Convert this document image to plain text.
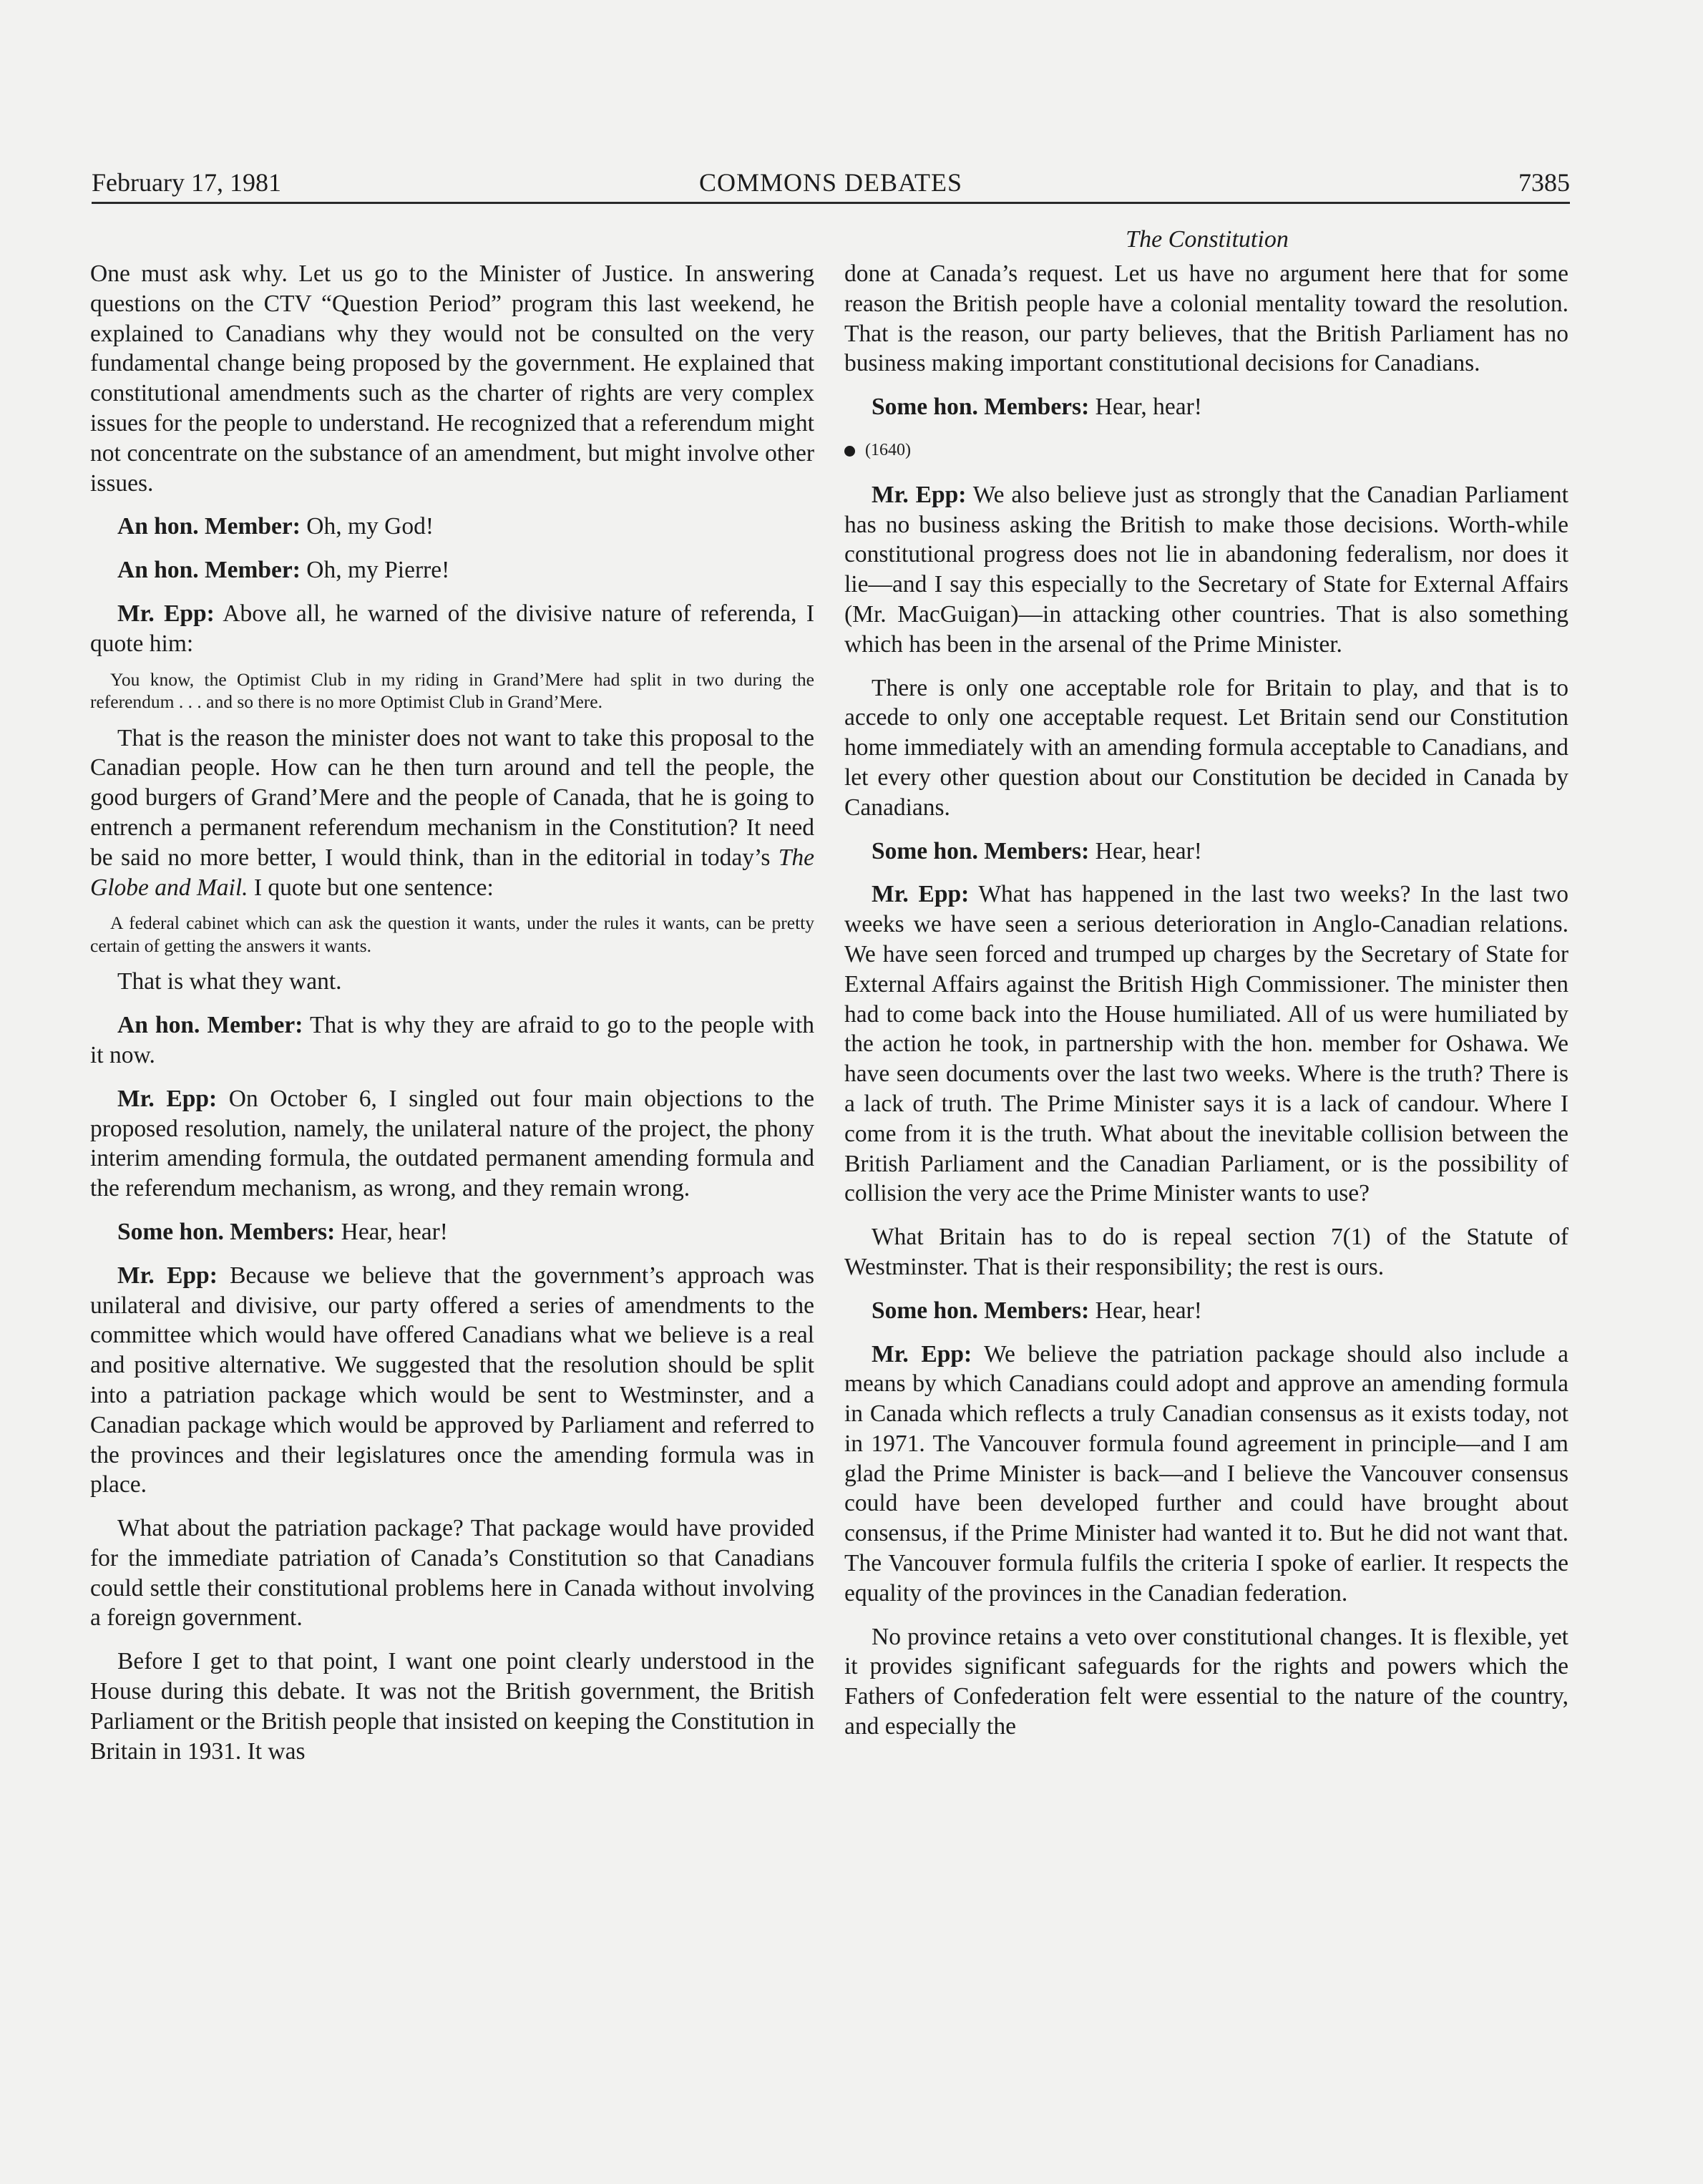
February 17, 1981	COMMONS DEBATES	7385
The Constitution

One must ask why. Let us go to the Minister of Justice. In answering questions on the CTV “Question Period” program this last weekend, he explained to Canadians why they would not be consulted on the very fundamental change being proposed by the government. He explained that constitutional amendments such as the charter of rights are very complex issues for the people to understand. He recognized that a referendum might not concentrate on the substance of an amendment, but might involve other issues.

An hon. Member: Oh, my God!

An hon. Member: Oh, my Pierre!

Mr. Epp: Above all, he warned of the divisive nature of referenda, I quote him:

You know, the Optimist Club in my riding in Grand’Mere had split in two during the referendum . . . and so there is no more Optimist Club in Grand’Mere.

That is the reason the minister does not want to take this proposal to the Canadian people. How can he then turn around and tell the people, the good burgers of Grand’Mere and the people of Canada, that he is going to entrench a permanent referendum mechanism in the Constitution? It need be said no more better, I would think, than in the editorial in today’s The Globe and Mail. I quote but one sentence:

A federal cabinet which can ask the question it wants, under the rules it wants, can be pretty certain of getting the answers it wants.

That is what they want.

An hon. Member: That is why they are afraid to go to the people with it now.

Mr. Epp: On October 6, I singled out four main objections to the proposed resolution, namely, the unilateral nature of the project, the phony interim amending formula, the outdated permanent amending formula and the referendum mechanism, as wrong, and they remain wrong.

Some hon. Members: Hear, hear!

Mr. Epp: Because we believe that the government’s approach was unilateral and divisive, our party offered a series of amendments to the committee which would have offered Canadians what we believe is a real and positive alternative. We suggested that the resolution should be split into a patriation package which would be sent to Westminster, and a Canadian package which would be approved by Parliament and referred to the provinces and their legislatures once the amending formula was in place.

What about the patriation package? That package would have provided for the immediate patriation of Canada’s Constitution so that Canadians could settle their constitutional problems here in Canada without involving a foreign government.

Before I get to that point, I want one point clearly understood in the House during this debate. It was not the British government, the British Parliament or the British people that insisted on keeping the Constitution in Britain in 1931. It was

done at Canada’s request. Let us have no argument here that for some reason the British people have a colonial mentality toward the resolution. That is the reason, our party believes, that the British Parliament has no business making important constitutional decisions for Canadians.

Some hon. Members: Hear, hear!

(1640)

Mr. Epp: We also believe just as strongly that the Canadian Parliament has no business asking the British to make those decisions. Worth-while constitutional progress does not lie in abandoning federalism, nor does it lie—and I say this especially to the Secretary of State for External Affairs (Mr. MacGuigan)—in attacking other countries. That is also something which has been in the arsenal of the Prime Minister.

There is only one acceptable role for Britain to play, and that is to accede to only one acceptable request. Let Britain send our Constitution home immediately with an amending formula acceptable to Canadians, and let every other question about our Constitution be decided in Canada by Canadians.

Some hon. Members: Hear, hear!

Mr. Epp: What has happened in the last two weeks? In the last two weeks we have seen a serious deterioration in Anglo-Canadian relations. We have seen forced and trumped up charges by the Secretary of State for External Affairs against the British High Commissioner. The minister then had to come back into the House humiliated. All of us were humiliated by the action he took, in partnership with the hon. member for Oshawa. We have seen documents over the last two weeks. Where is the truth? There is a lack of truth. The Prime Minister says it is a lack of candour. Where I come from it is the truth. What about the inevitable collision between the British Parliament and the Canadian Parliament, or is the possibility of collision the very ace the Prime Minister wants to use?

What Britain has to do is repeal section 7(1) of the Statute of Westminster. That is their responsibility; the rest is ours.

Some hon. Members: Hear, hear!

Mr. Epp: We believe the patriation package should also include a means by which Canadians could adopt and approve an amending formula in Canada which reflects a truly Canadian consensus as it exists today, not in 1971. The Vancouver formula found agreement in principle—and I am glad the Prime Minister is back—and I believe the Vancouver consensus could have been developed further and could have brought about consensus, if the Prime Minister had wanted it to. But he did not want that. The Vancouver formula fulfils the criteria I spoke of earlier. It respects the equality of the provinces in the Canadian federation.

No province retains a veto over constitutional changes. It is flexible, yet it provides significant safeguards for the rights and powers which the Fathers of Confederation felt were essential to the nature of the country, and especially the
